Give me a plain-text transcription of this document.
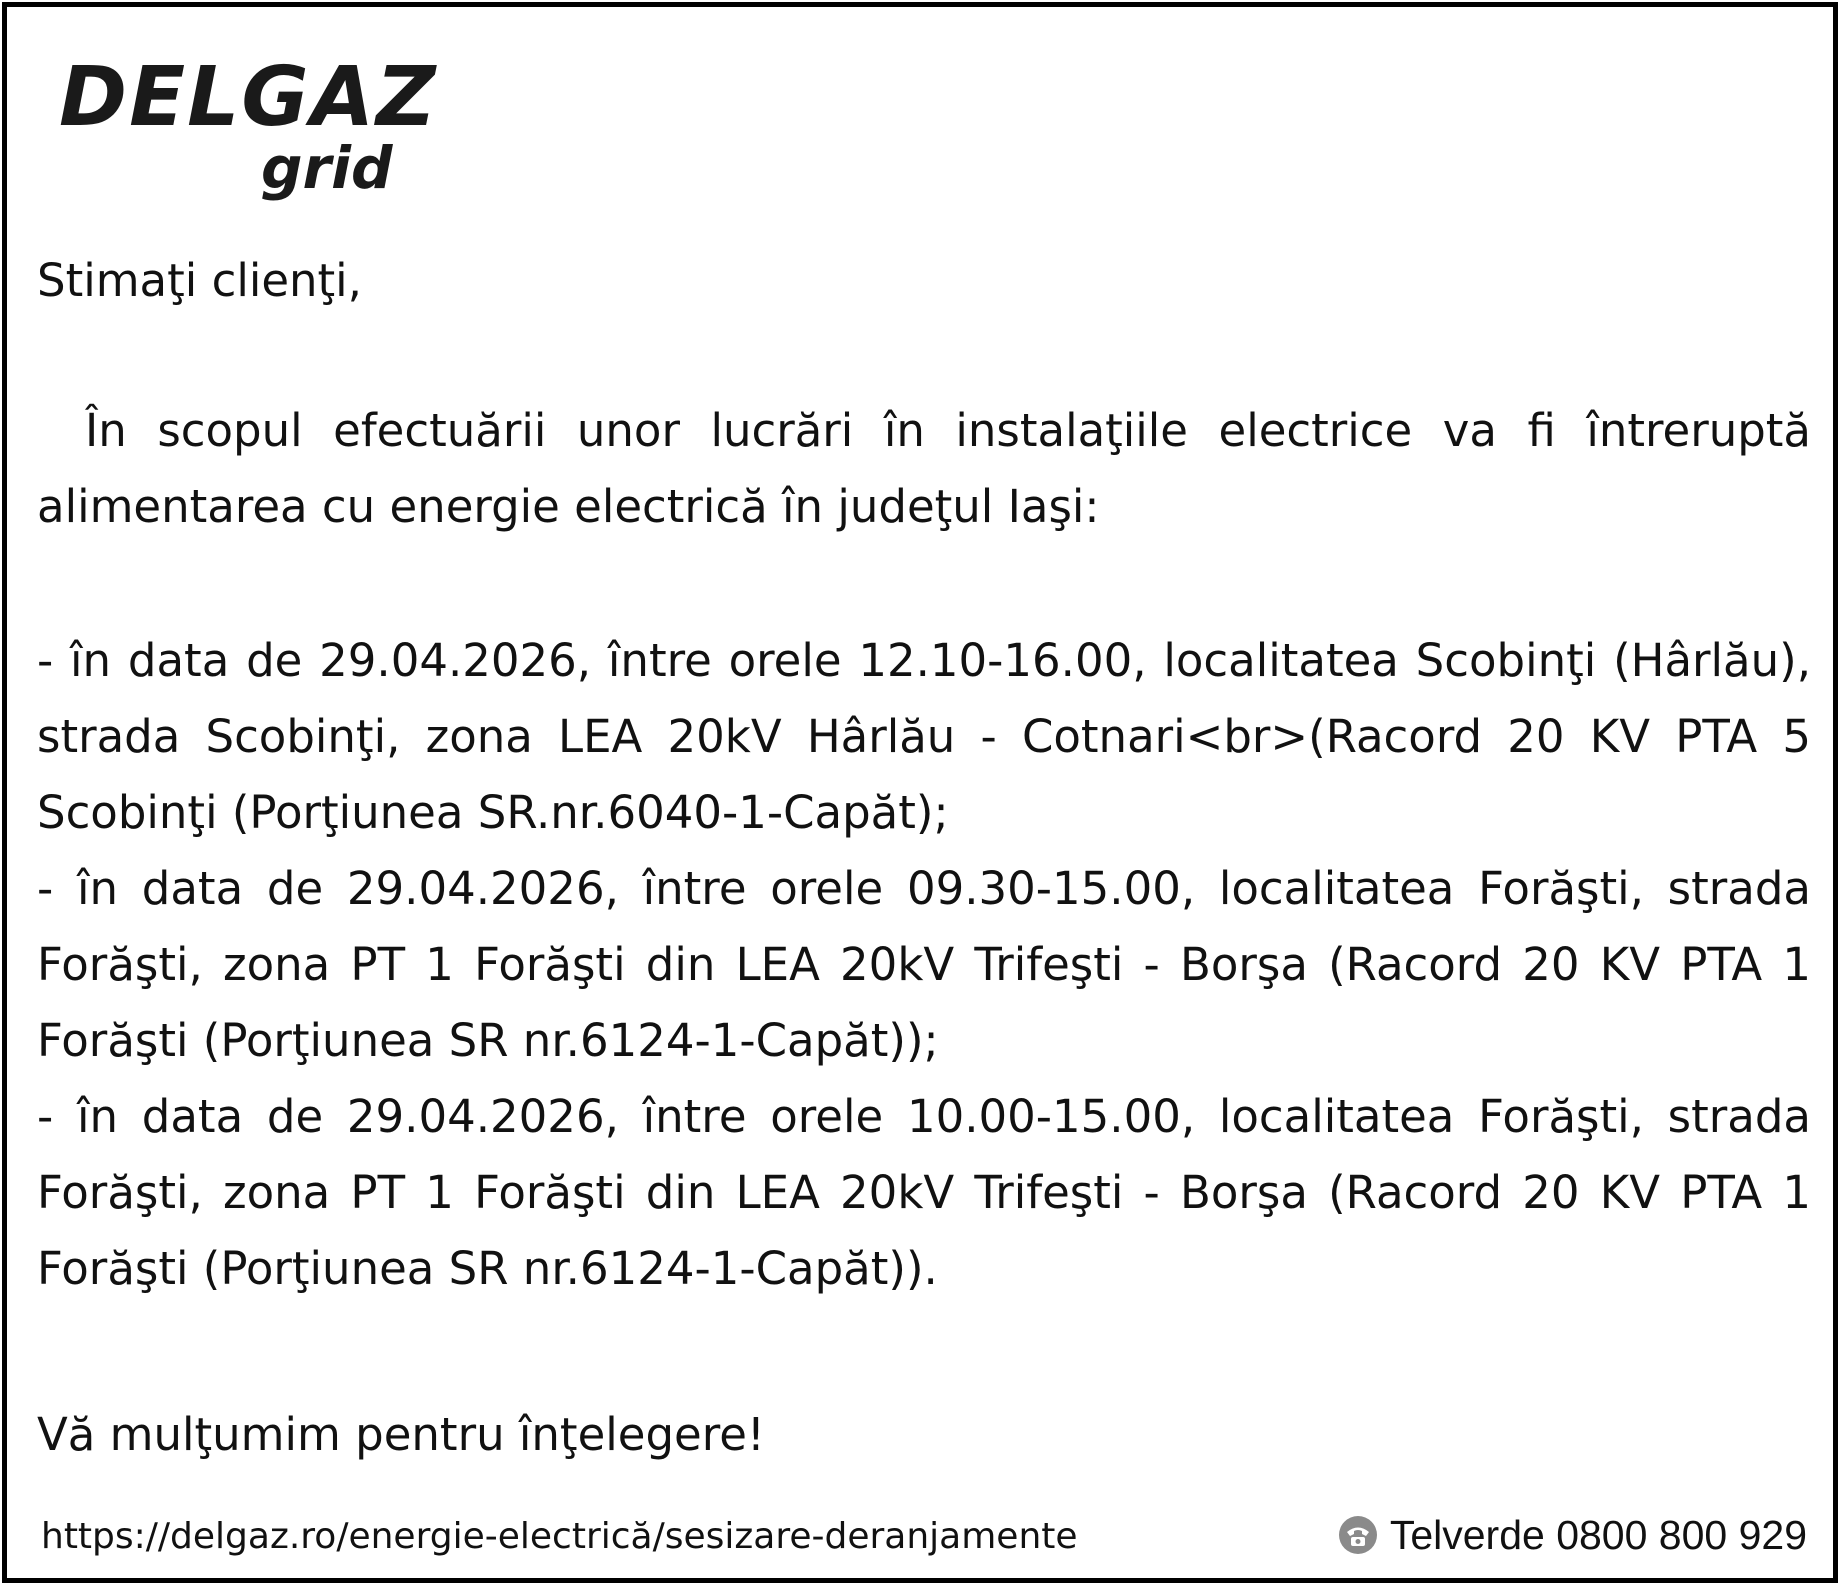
DELGAZ
grid

Stimaţi clienţi,

În scopul efectuării unor lucrări în instalaţiile electrice va fi întreruptă alimentarea cu energie electrică în judeţul Iaşi:

- în data de 29.04.2026, între orele 12.10-16.00, localitatea Scobinţi (Hârlău), strada Scobinţi, zona LEA 20kV Hârlău - Cotnari<br>(Racord 20 KV PTA 5 Scobinţi (Porţiunea SR.nr.6040-1-Capăt);

- în data de 29.04.2026, între orele 09.30-15.00, localitatea Forăşti, strada Forăşti, zona PT 1 Forăşti din LEA 20kV Trifeşti - Borşa (Racord 20 KV PTA 1 Forăşti (Porţiunea SR nr.6124-1-Capăt));

- în data de 29.04.2026, între orele 10.00-15.00, localitatea Forăşti, strada Forăşti, zona PT 1 Forăşti din LEA 20kV Trifeşti - Borşa (Racord 20 KV PTA 1 Forăşti (Porţiunea SR nr.6124-1-Capăt)).

Vă mulţumim pentru înţelegere!

https://delgaz.ro/energie-electrică/sesizare-deranjamente	Telverde 0800 800 929
